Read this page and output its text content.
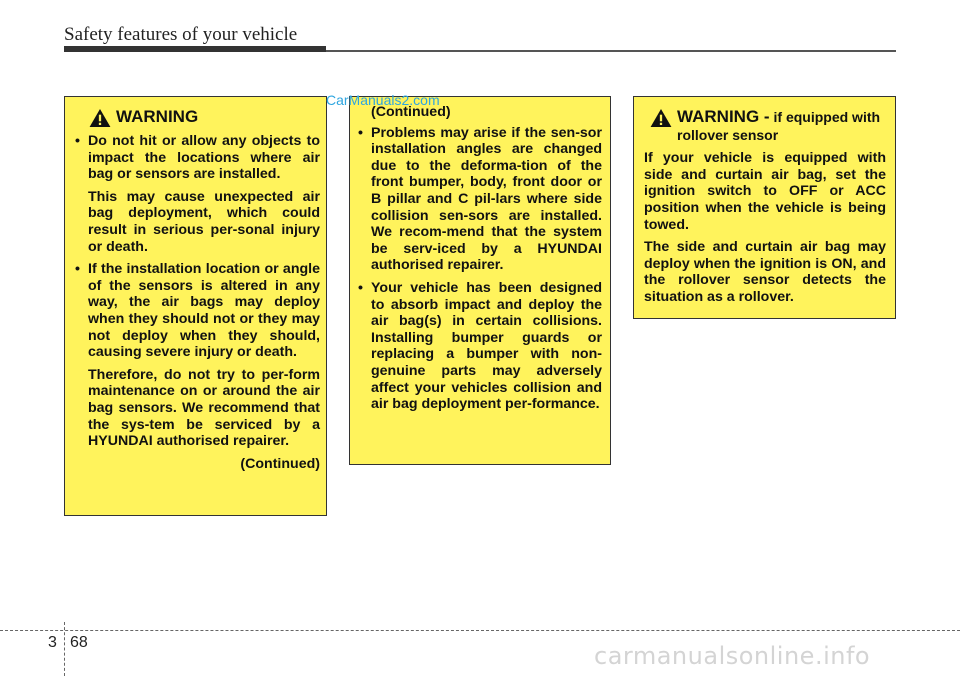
Safety features of your vehicle
WARNING
• Do not hit or allow any objects to impact the locations where air bag or sensors are installed.

This may cause unexpected air bag deployment, which could result in serious per-sonal injury or death.

• If the installation location or angle of the sensors is altered in any way, the air bags may deploy when they should not or they may not deploy when they should, causing severe injury or death.

Therefore, do not try to per-form maintenance on or around the air bag sensors. We recommend that the sys-tem be serviced by a HYUNDAI authorised repairer.

(Continued)

(Continued)
• Problems may arise if the sen-sor installation angles are changed due to the deforma-tion of the front bumper, body, front door or B pillar and C pil-lars where side collision sen-sors are installed. We recom-mend that the system be serv-iced by a HYUNDAI authorised repairer.
• Your vehicle has been designed to absorb impact and deploy the air bag(s) in certain collisions. Installing bumper guards or replacing a bumper with non-genuine parts may adversely affect your vehicles collision and air bag deployment per-formance.
CarManuals2.com
WARNING - if equipped with rollover sensor

If your vehicle is equipped with side and curtain air bag, set the ignition switch to OFF or ACC position when the vehicle is being towed.

The side and curtain air bag may deploy when the ignition is ON, and the rollover sensor detects the situation as a rollover.

3 68	carmanualsonline.info
